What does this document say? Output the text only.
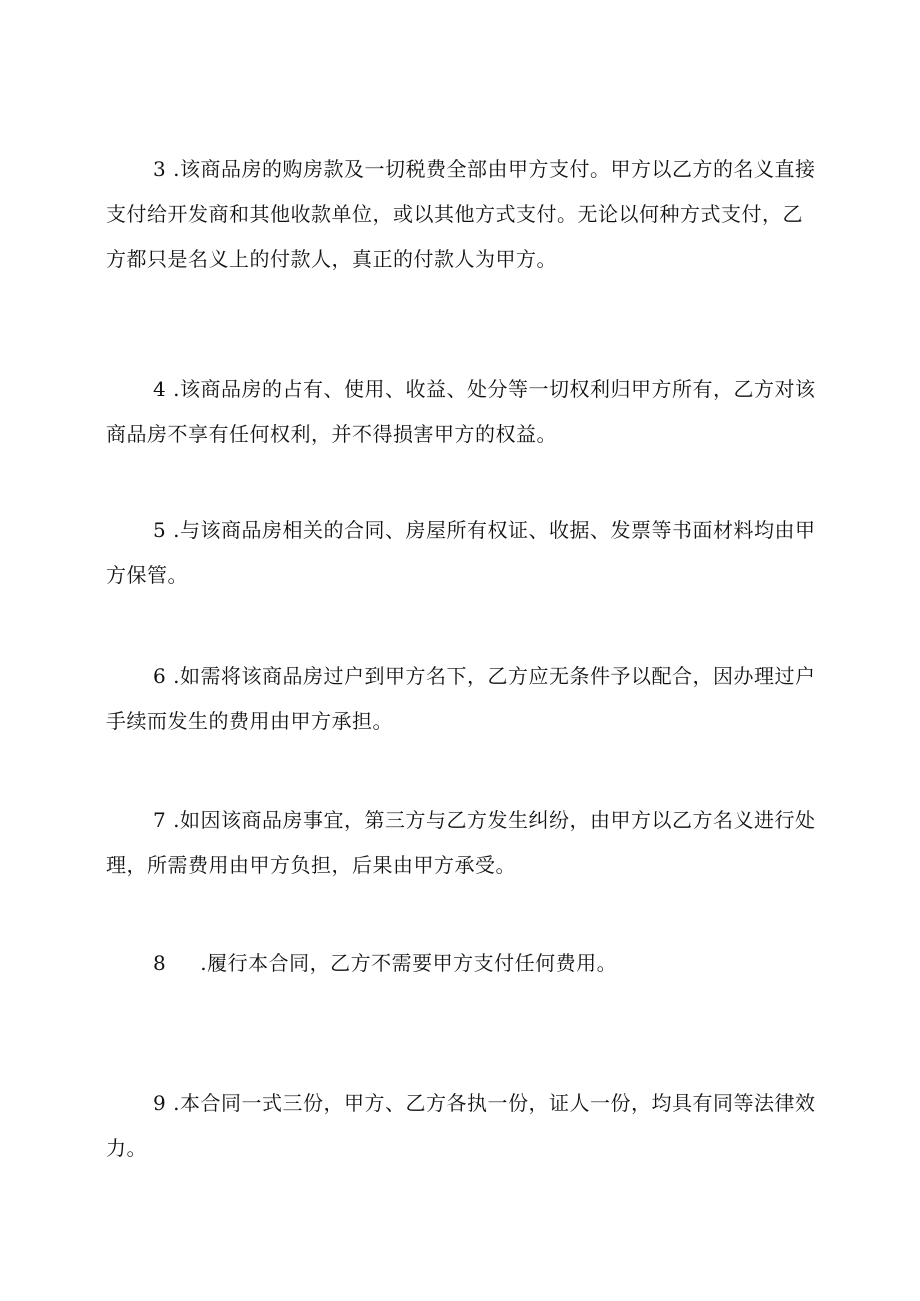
3 .该商品房的购房款及一切税费全部由甲方支付。甲方以乙方的名义直接支付给开发商和其他收款单位，或以其他方式支付。无论以何种方式支付，乙方都只是名义上的付款人，真正的付款人为甲方。

4 .该商品房的占有、使用、收益、处分等一切权利归甲方所有，乙方对该商品房不享有任何权利，并不得损害甲方的权益。

5 .与该商品房相关的合同、房屋所有权证、收据、发票等书面材料均由甲方保管。

6 .如需将该商品房过户到甲方名下，乙方应无条件予以配合，因办理过户手续而发生的费用由甲方承担。

7 .如因该商品房事宜，第三方与乙方发生纠纷，由甲方以乙方名义进行处理，所需费用由甲方负担，后果由甲方承受。

8 .履行本合同，乙方不需要甲方支付任何费用。

9 .本合同一式三份，甲方、乙方各执一份，证人一份，均具有同等法律效力。
